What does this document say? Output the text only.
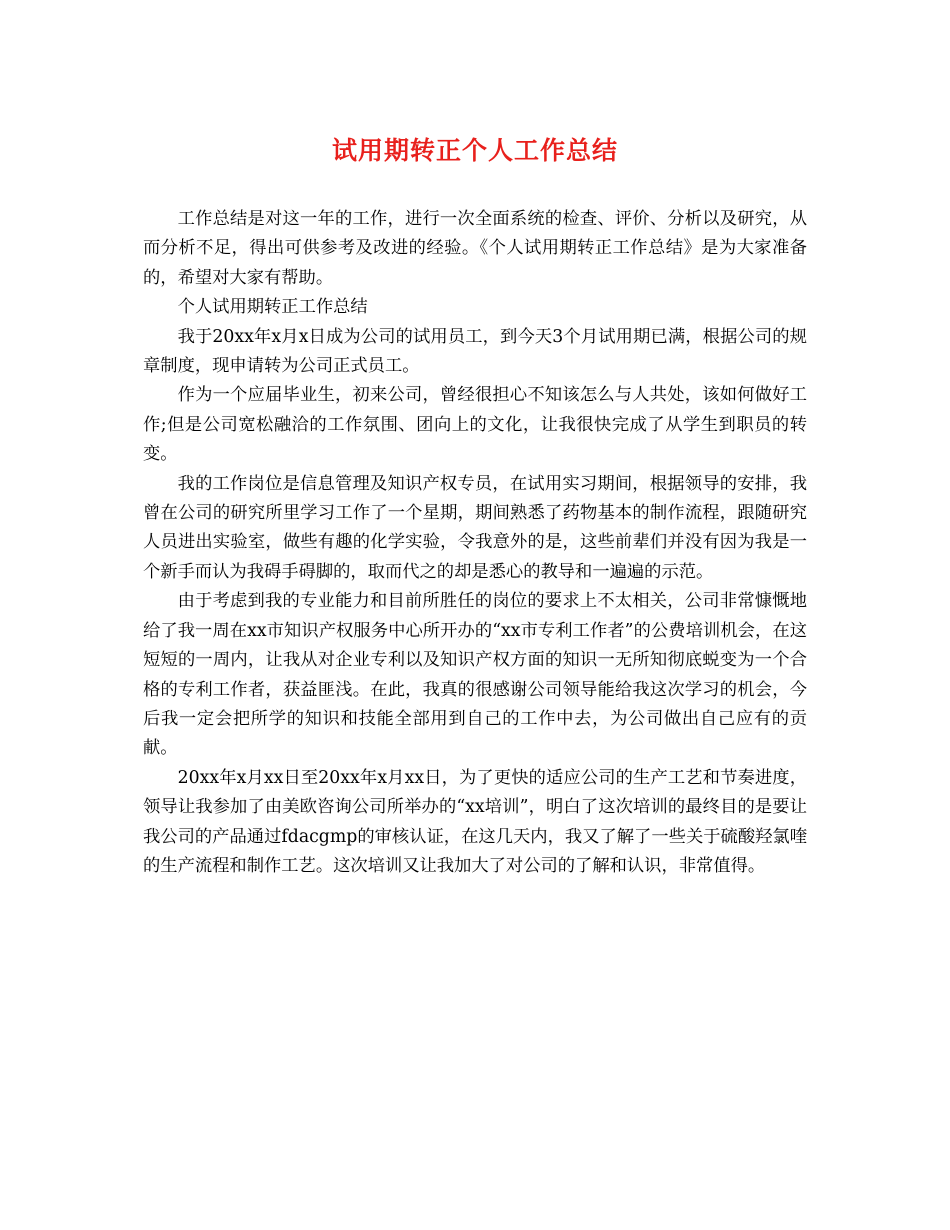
试用期转正个人工作总结

工作总结是对这一年的工作，进行一次全面系统的检查、评价、分析以及研究，从而分析不足，得出可供参考及改进的经验。《个人试用期转正工作总结》是为大家准备的，希望对大家有帮助。

个人试用期转正工作总结

我于20xx年x月x日成为公司的试用员工，到今天3个月试用期已满，根据公司的规章制度，现申请转为公司正式员工。

作为一个应届毕业生，初来公司，曾经很担心不知该怎么与人共处，该如何做好工作;但是公司宽松融洽的工作氛围、团向上的文化，让我很快完成了从学生到职员的转变。

我的工作岗位是信息管理及知识产权专员，在试用实习期间，根据领导的安排，我曾在公司的研究所里学习工作了一个星期，期间熟悉了药物基本的制作流程，跟随研究人员进出实验室，做些有趣的化学实验，令我意外的是，这些前辈们并没有因为我是一个新手而认为我碍手碍脚的，取而代之的却是悉心的教导和一遍遍的示范。

由于考虑到我的专业能力和目前所胜任的岗位的要求上不太相关，公司非常慷慨地给了我一周在xx市知识产权服务中心所开办的“xx市专利工作者”的公费培训机会，在这短短的一周内，让我从对企业专利以及知识产权方面的知识一无所知彻底蜕变为一个合格的专利工作者，获益匪浅。在此，我真的很感谢公司领导能给我这次学习的机会，今后我一定会把所学的知识和技能全部用到自己的工作中去，为公司做出自己应有的贡献。

20xx年x月xx日至20xx年x月xx日，为了更快的适应公司的生产工艺和节奏进度，领导让我参加了由美欧咨询公司所举办的“xx培训”，明白了这次培训的最终目的是要让我公司的产品通过fdacgmp的审核认证，在这几天内，我又了解了一些关于硫酸羟氯喹的生产流程和制作工艺。这次培训又让我加大了对公司的了解和认识，非常值得。
